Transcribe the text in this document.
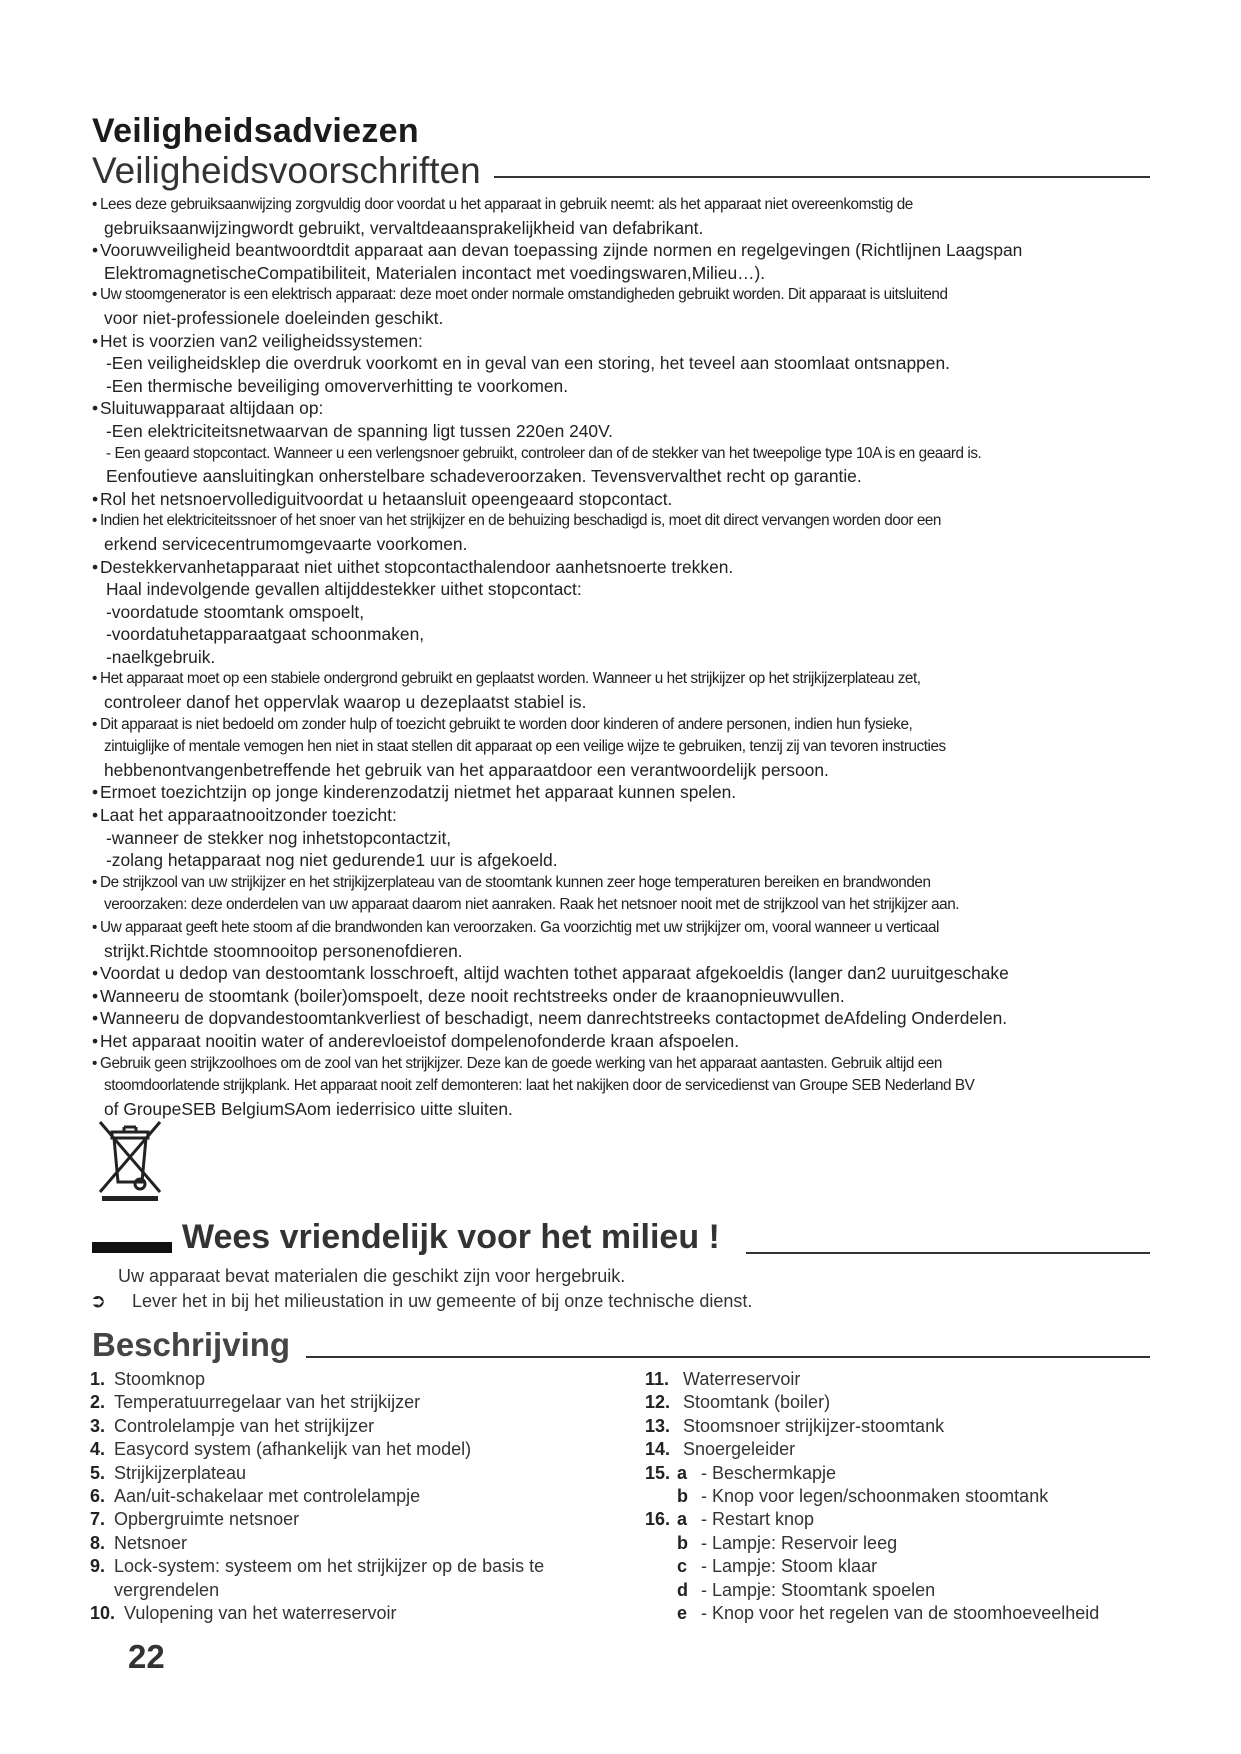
Veiligheidsadviezen
Veiligheidsvoorschriften
• Lees deze gebruiksaanwijzing zorgvuldig door voordat u het apparaat in gebruik neemt: als het apparaat niet overeenkomstig de
gebruiksaanwijzingwordt gebruikt, vervaltdeaansprakelijkheid van defabrikant.
• Vooruwveiligheid beantwoordtdit apparaat aan devan toepassing zijnde normen en regelgevingen (Richtlijnen Laagspan
ElektromagnetischeCompatibiliteit, Materialen incontact met voedingswaren,Milieu…).
• Uw stoomgenerator is een elektrisch apparaat: deze moet onder normale omstandigheden gebruikt worden. Dit apparaat is uitsluitend
voor niet-professionele doeleinden geschikt.
• Het is voorzien van2 veiligheidssystemen:
-Een veiligheidsklep die overdruk voorkomt en in geval van een storing, het teveel aan stoomlaat ontsnappen.
-Een thermische beveiliging omoververhitting te voorkomen.
• Sluituwapparaat altijdaan op:
-Een elektriciteitsnetwaarvan de spanning ligt tussen 220en 240V.
- Een geaard stopcontact. Wanneer u een verlengsnoer gebruikt, controleer dan of de stekker van het tweepolige type 10A is en geaard is.
Eenfoutieve aansluitingkan onherstelbare schadeveroorzaken. Tevensvervalthet recht op garantie.
• Rol het netsnoervollediguitvoordat u hetaansluit opeengeaard stopcontact.
• Indien het elektriciteitssnoer of het snoer van het strijkijzer en de behuizing beschadigd is, moet dit direct vervangen worden door een
erkend servicecentrumomgevaarte voorkomen.
• Destekkervanhetapparaat niet uithet stopcontacthalendoor aanhetsnoerte trekken.
Haal indevolgende gevallen altijddestekker uithet stopcontact:
-voordatude stoomtank omspoelt,
-voordatuhetapparaatgaat schoonmaken,
-naelkgebruik.
• Het apparaat moet op een stabiele ondergrond gebruikt en geplaatst worden. Wanneer u het strijkijzer op het strijkijzerplateau zet,
controleer danof het oppervlak waarop u dezeplaatst stabiel is.
• Dit apparaat is niet bedoeld om zonder hulp of toezicht gebruikt te worden door kinderen of andere personen, indien hun fysieke,
zintuiglijke of mentale vemogen hen niet in staat stellen dit apparaat op een veilige wijze te gebruiken, tenzij zij van tevoren instructies
hebbenontvangenbetreffende het gebruik van het apparaatdoor een verantwoordelijk persoon.
• Ermoet toezichtzijn op jonge kinderenzodatzij nietmet het apparaat kunnen spelen.
• Laat het apparaatnooitzonder toezicht:
-wanneer de stekker nog inhetstopcontactzit,
-zolang hetapparaat nog niet gedurende1 uur is afgekoeld.
• De strijkzool van uw strijkijzer en het strijkijzerplateau van de stoomtank kunnen zeer hoge temperaturen bereiken en brandwonden
veroorzaken: deze onderdelen van uw apparaat daarom niet aanraken. Raak het netsnoer nooit met de strijkzool van het strijkijzer aan.
• Uw apparaat geeft hete stoom af die brandwonden kan veroorzaken. Ga voorzichtig met uw strijkijzer om, vooral wanneer u verticaal
strijkt.Richtde stoomnooitop personenofdieren.
• Voordat u dedop van destoomtank losschroeft, altijd wachten tothet apparaat afgekoeldis (langer dan2 uuruitgeschake
• Wanneeru de stoomtank (boiler)omspoelt, deze nooit rechtstreeks onder de kraanopnieuwvullen.
• Wanneeru de dopvandestoomtankverliest of beschadigt, neem danrechtstreeks contactopmet deAfdeling Onderdelen.
• Het apparaat nooitin water of anderevloeistof dompelenofonderde kraan afspoelen.
• Gebruik geen strijkzoolhoes om de zool van het strijkijzer. Deze kan de goede werking van het apparaat aantasten. Gebruik altijd een
stoomdoorlatende strijkplank. Het apparaat nooit zelf demonteren: laat het nakijken door de servicedienst van Groupe SEB Nederland BV
of GroupeSEB BelgiumSAom iederrisico uitte sluiten.
Wees vriendelijk voor het milieu !
Uw apparaat bevat materialen die geschikt zijn voor hergebruik.
➲ Lever het in bij het milieustation in uw gemeente of bij onze technische dienst.
Beschrijving
1. Stoomknop
2. Temperatuurregelaar van het strijkijzer
3. Controlelampje van het strijkijzer
4. Easycord system (afhankelijk van het model)
5. Strijkijzerplateau
6. Aan/uit-schakelaar met controlelampje
7. Opbergruimte netsnoer
8. Netsnoer
9. Lock-system: systeem om het strijkijzer op de basis te
vergrendelen
10. Vulopening van het waterreservoir
11. Waterreservoir
12. Stoomtank (boiler)
13. Stoomsnoer strijkijzer-stoomtank
14. Snoergeleider
15. a - Beschermkapje
b - Knop voor legen/schoonmaken stoomtank
16. a - Restart knop
b - Lampje: Reservoir leeg
c - Lampje: Stoom klaar
d - Lampje: Stoomtank spoelen
e - Knop voor het regelen van de stoomhoeveelheid
22
